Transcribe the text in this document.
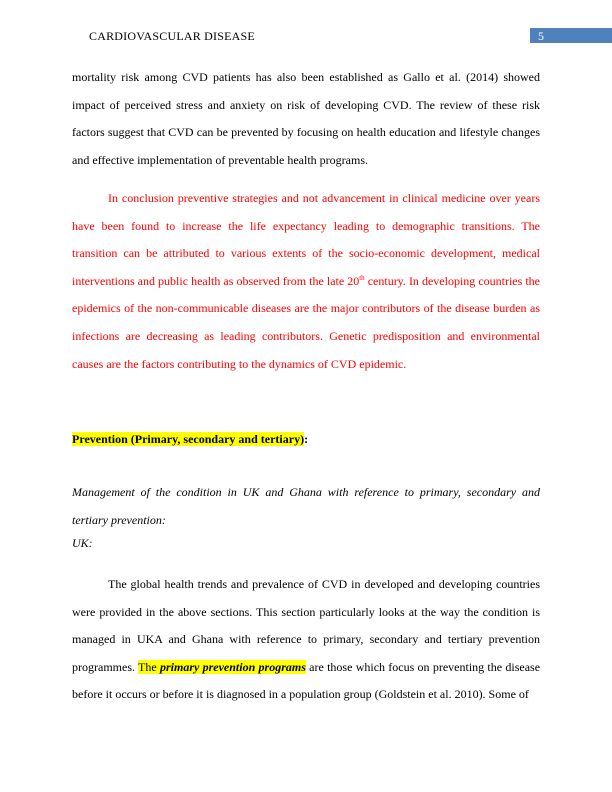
CARDIOVASCULAR DISEASE	5

mortality risk among CVD patients has also been established as Gallo et al. (2014) showed impact of perceived stress and anxiety on risk of developing CVD. The review of these risk factors suggest that CVD can be prevented by focusing on health education and lifestyle changes and effective implementation of preventable health programs.

In conclusion preventive strategies and not advancement in clinical medicine over years have been found to increase the life expectancy leading to demographic transitions. The transition can be attributed to various extents of the socio-economic development, medical interventions and public health as observed from the late 20th century. In developing countries the epidemics of the non-communicable diseases are the major contributors of the disease burden as infections are decreasing as leading contributors. Genetic predisposition and environmental causes are the factors contributing to the dynamics of CVD epidemic.

Prevention (Primary, secondary and tertiary):

Management of the condition in UK and Ghana with reference to primary, secondary and tertiary prevention:

UK:

The global health trends and prevalence of CVD in developed and developing countries were provided in the above sections. This section particularly looks at the way the condition is managed in UKA and Ghana with reference to primary, secondary and tertiary prevention programmes. The primary prevention programs are those which focus on preventing the disease before it occurs or before it is diagnosed in a population group (Goldstein et al. 2010). Some of
